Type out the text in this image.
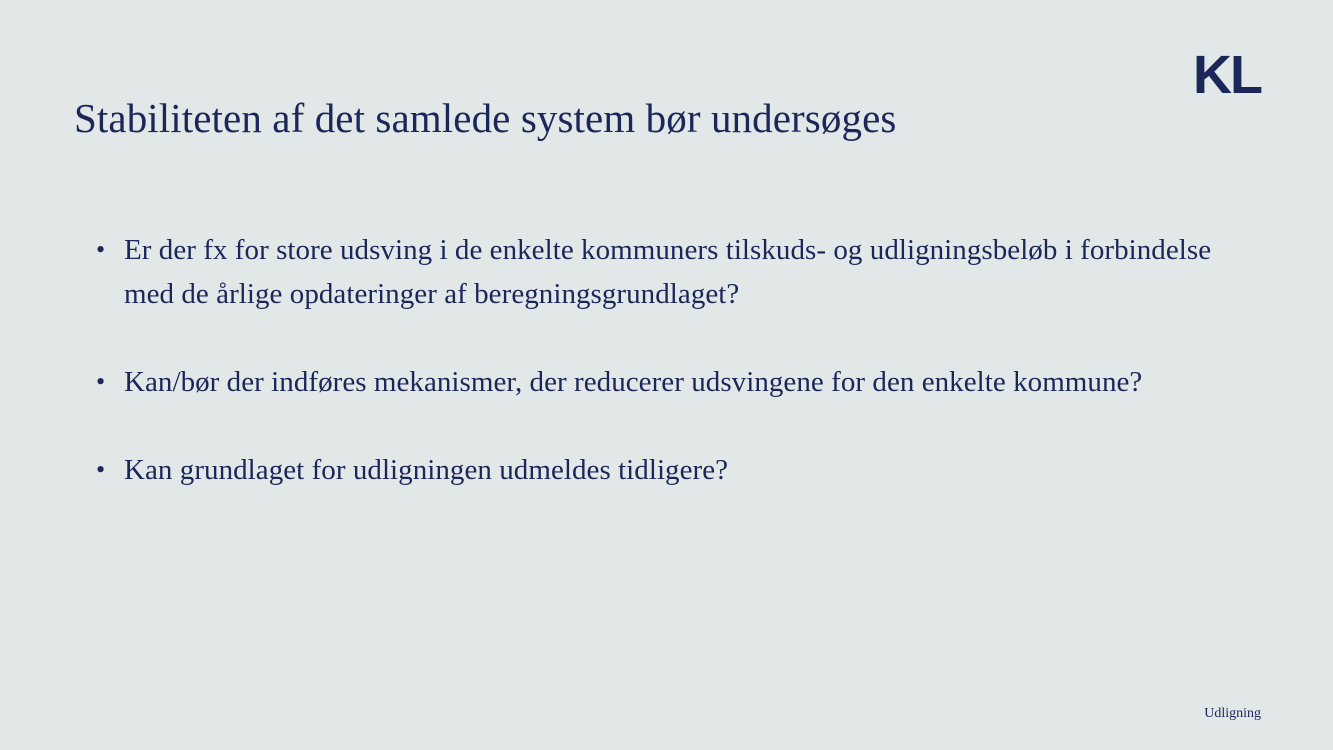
KL
Stabiliteten af det samlede system bør undersøges
• Er der fx for store udsving i de enkelte kommuners tilskuds- og udligningsbeløb i forbindelse med de årlige opdateringer af beregningsgrundlaget?
• Kan/bør der indføres mekanismer, der reducerer udsvingene for den enkelte kommune?
• Kan grundlaget for udligningen udmeldes tidligere?
Udligning
